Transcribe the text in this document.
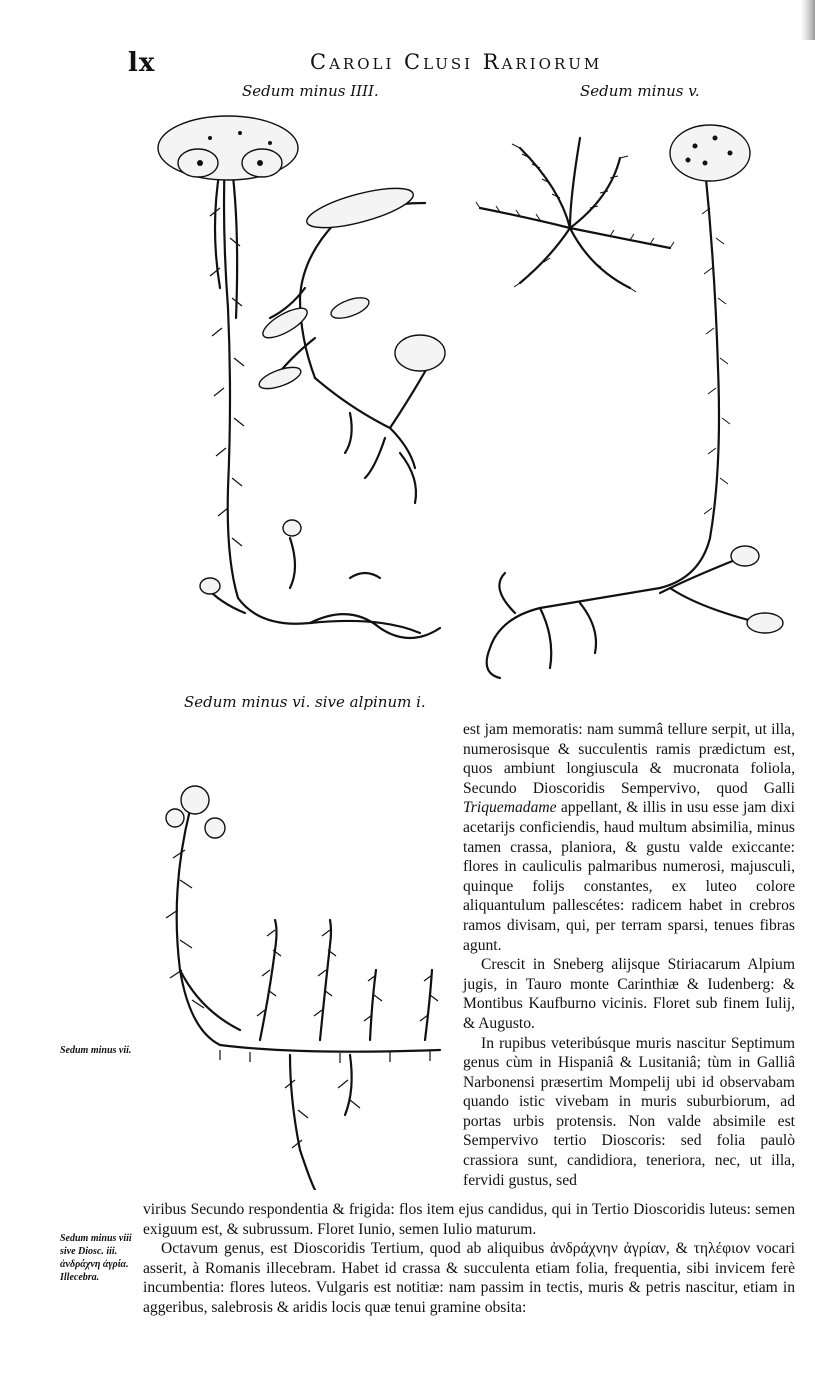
lx	Caroli Clusi Rariorum
Sedum minus IIII.	Sedum minus v.
Sedum minus vi. sive alpinum i.
Sedum minus vii.
Sedum minus viii sive Diosc. iii. ἀνδράχνη ἀγρία. Illecebra.

est jam memoratis: nam summâ tellure serpit, ut illa, numerosisque & succulentis ramis prædictum est, quos ambiunt longiuscula & mucronata foliola, Secundo Dioscoridis Sempervivo, quod Galli Triquemadame appellant, & illis in usu esse jam dixi acetarijs conficiendis, haud multum absimilia, minus tamen crassa, planiora, & gustu valde exiccante: flores in cauliculis palmaribus numerosi, majusculi, quinque folijs constantes, ex luteo colore aliquantulum pallescétes: radicem habet in crebros ramos divisam, qui, per terram sparsi, tenues fibras agunt.

Crescit in Sneberg alijsque Stiriacarum Alpium jugis, in Tauro monte Carinthiæ & Iudenberg: & Montibus Kaufburno vicinis. Floret sub finem Iulij, & Augusto.

In rupibus veteribúsque muris nascitur Septimum genus cùm in Hispaniâ & Lusitaniâ; tùm in Galliâ Narbonensi præsertim Mompelij ubi id observabam quando istic vivebam in muris suburbiorum, ad portas urbis protensis. Non valde absimile est Sempervivo tertio Dioscoris: sed folia paulò crassiora sunt, candidiora, teneriora, nec, ut illa, fervidi gustus, sed

viribus Secundo respondentia & frigida: flos item ejus candidus, qui in Tertio Dioscoridis luteus: semen exiguum est, & subrussum. Floret Iunio, semen Iulio maturum.

Octavum genus, est Dioscoridis Tertium, quod ab aliquibus ἀνδράχνην ἀγρίαν, & τηλέφιον vocari asserit, à Romanis illecebram. Habet id crassa & succulenta etiam folia, frequentia, sibi invicem ferè incumbentia: flores luteos. Vulgaris est notitiæ: nam passim in tectis, muris & petris nascitur, etiam in aggeribus, salebrosis & aridis locis quæ tenui gramine obsita:
